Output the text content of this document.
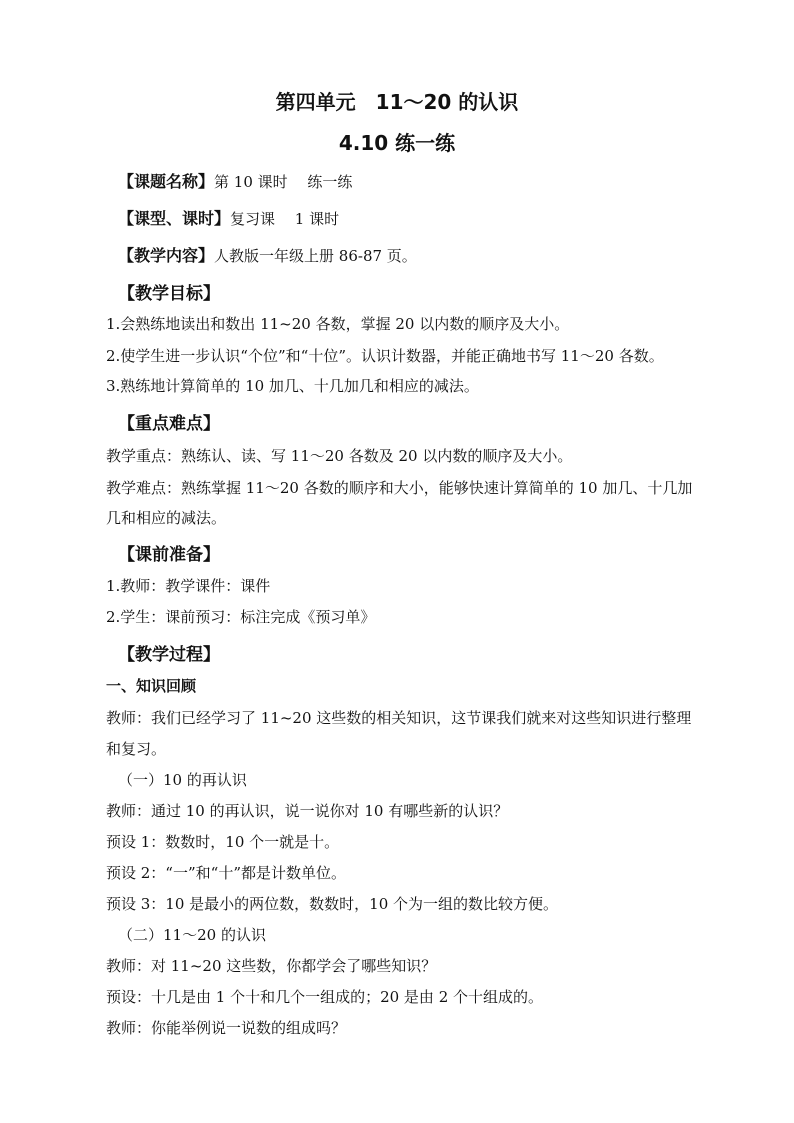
第四单元　11～20 的认识
4.10 练一练
【课题名称】第 10 课时　 练一练
【课型、课时】复习课　 1 课时
【教学内容】人教版一年级上册 86-87 页。
【教学目标】
1.会熟练地读出和数出 11~20 各数，掌握 20 以内数的顺序及大小。
2.使学生进一步认识“个位”和“十位”。认识计数器，并能正确地书写 11～20 各数。
3.熟练地计算简单的 10 加几、十几加几和相应的减法。
【重点难点】
教学重点：熟练认、读、写 11～20 各数及 20 以内数的顺序及大小。
教学难点：熟练掌握 11～20 各数的顺序和大小，能够快速计算简单的 10 加几、十几加
几和相应的减法。
【课前准备】
1.教师：教学课件：课件
2.学生：课前预习：标注完成《预习单》
【教学过程】
一、知识回顾
教师：我们已经学习了 11~20 这些数的相关知识，这节课我们就来对这些知识进行整理
和复习。
（一）10 的再认识
教师：通过 10 的再认识，说一说你对 10 有哪些新的认识？
预设 1：数数时，10 个一就是十。
预设 2：“一”和“十”都是计数单位。
预设 3：10 是最小的两位数，数数时，10 个为一组的数比较方便。
（二）11～20 的认识
教师：对 11~20 这些数，你都学会了哪些知识？
预设：十几是由 1 个十和几个一组成的；20 是由 2 个十组成的。
教师：你能举例说一说数的组成吗？
